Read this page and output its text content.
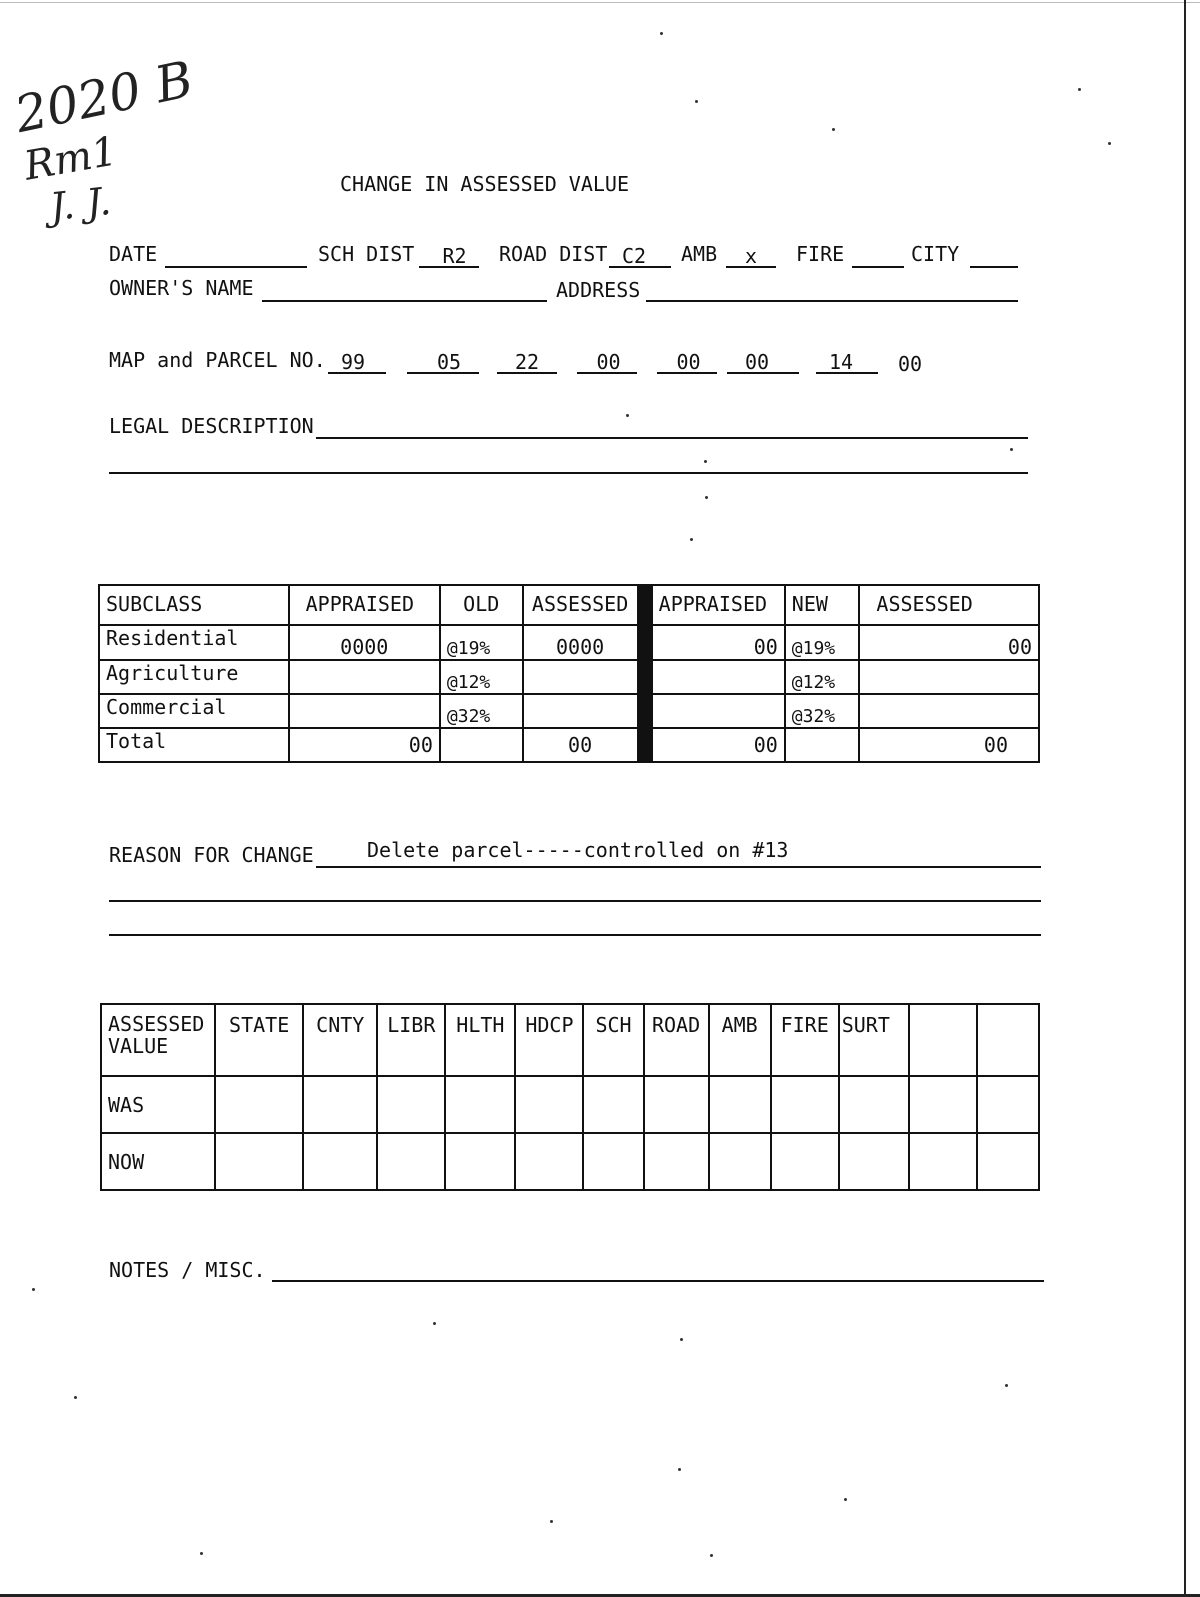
2020 B
Rm1
J. J.	CHANGE IN ASSESSED VALUE
DATE	SCH DIST	R2	ROAD DIST C2	AMB	x	FIRE	CITY
OWNER'S NAME	ADDRESS
MAP and PARCEL NO. 99	05	22	00	00	00	14	00
LEGAL DESCRIPTION
SUBCLASS	APPRAISED	OLD	ASSESSED		APPRAISED	NEW	ASSESSED
Residential	0000	@19%	0000		00	@19%	00
Agriculture		@12%				@12%	
Commercial		@32%				@32%	
Total	00		00		00		00
REASON FOR CHANGE	Delete parcel-----controlled on #13
ASSESSED
VALUE	STATE	CNTY	LIBR	HLTH	HDCP	SCH	ROAD	AMB	FIRE	SURT		
WAS												
NOW												
NOTES / MISC.
